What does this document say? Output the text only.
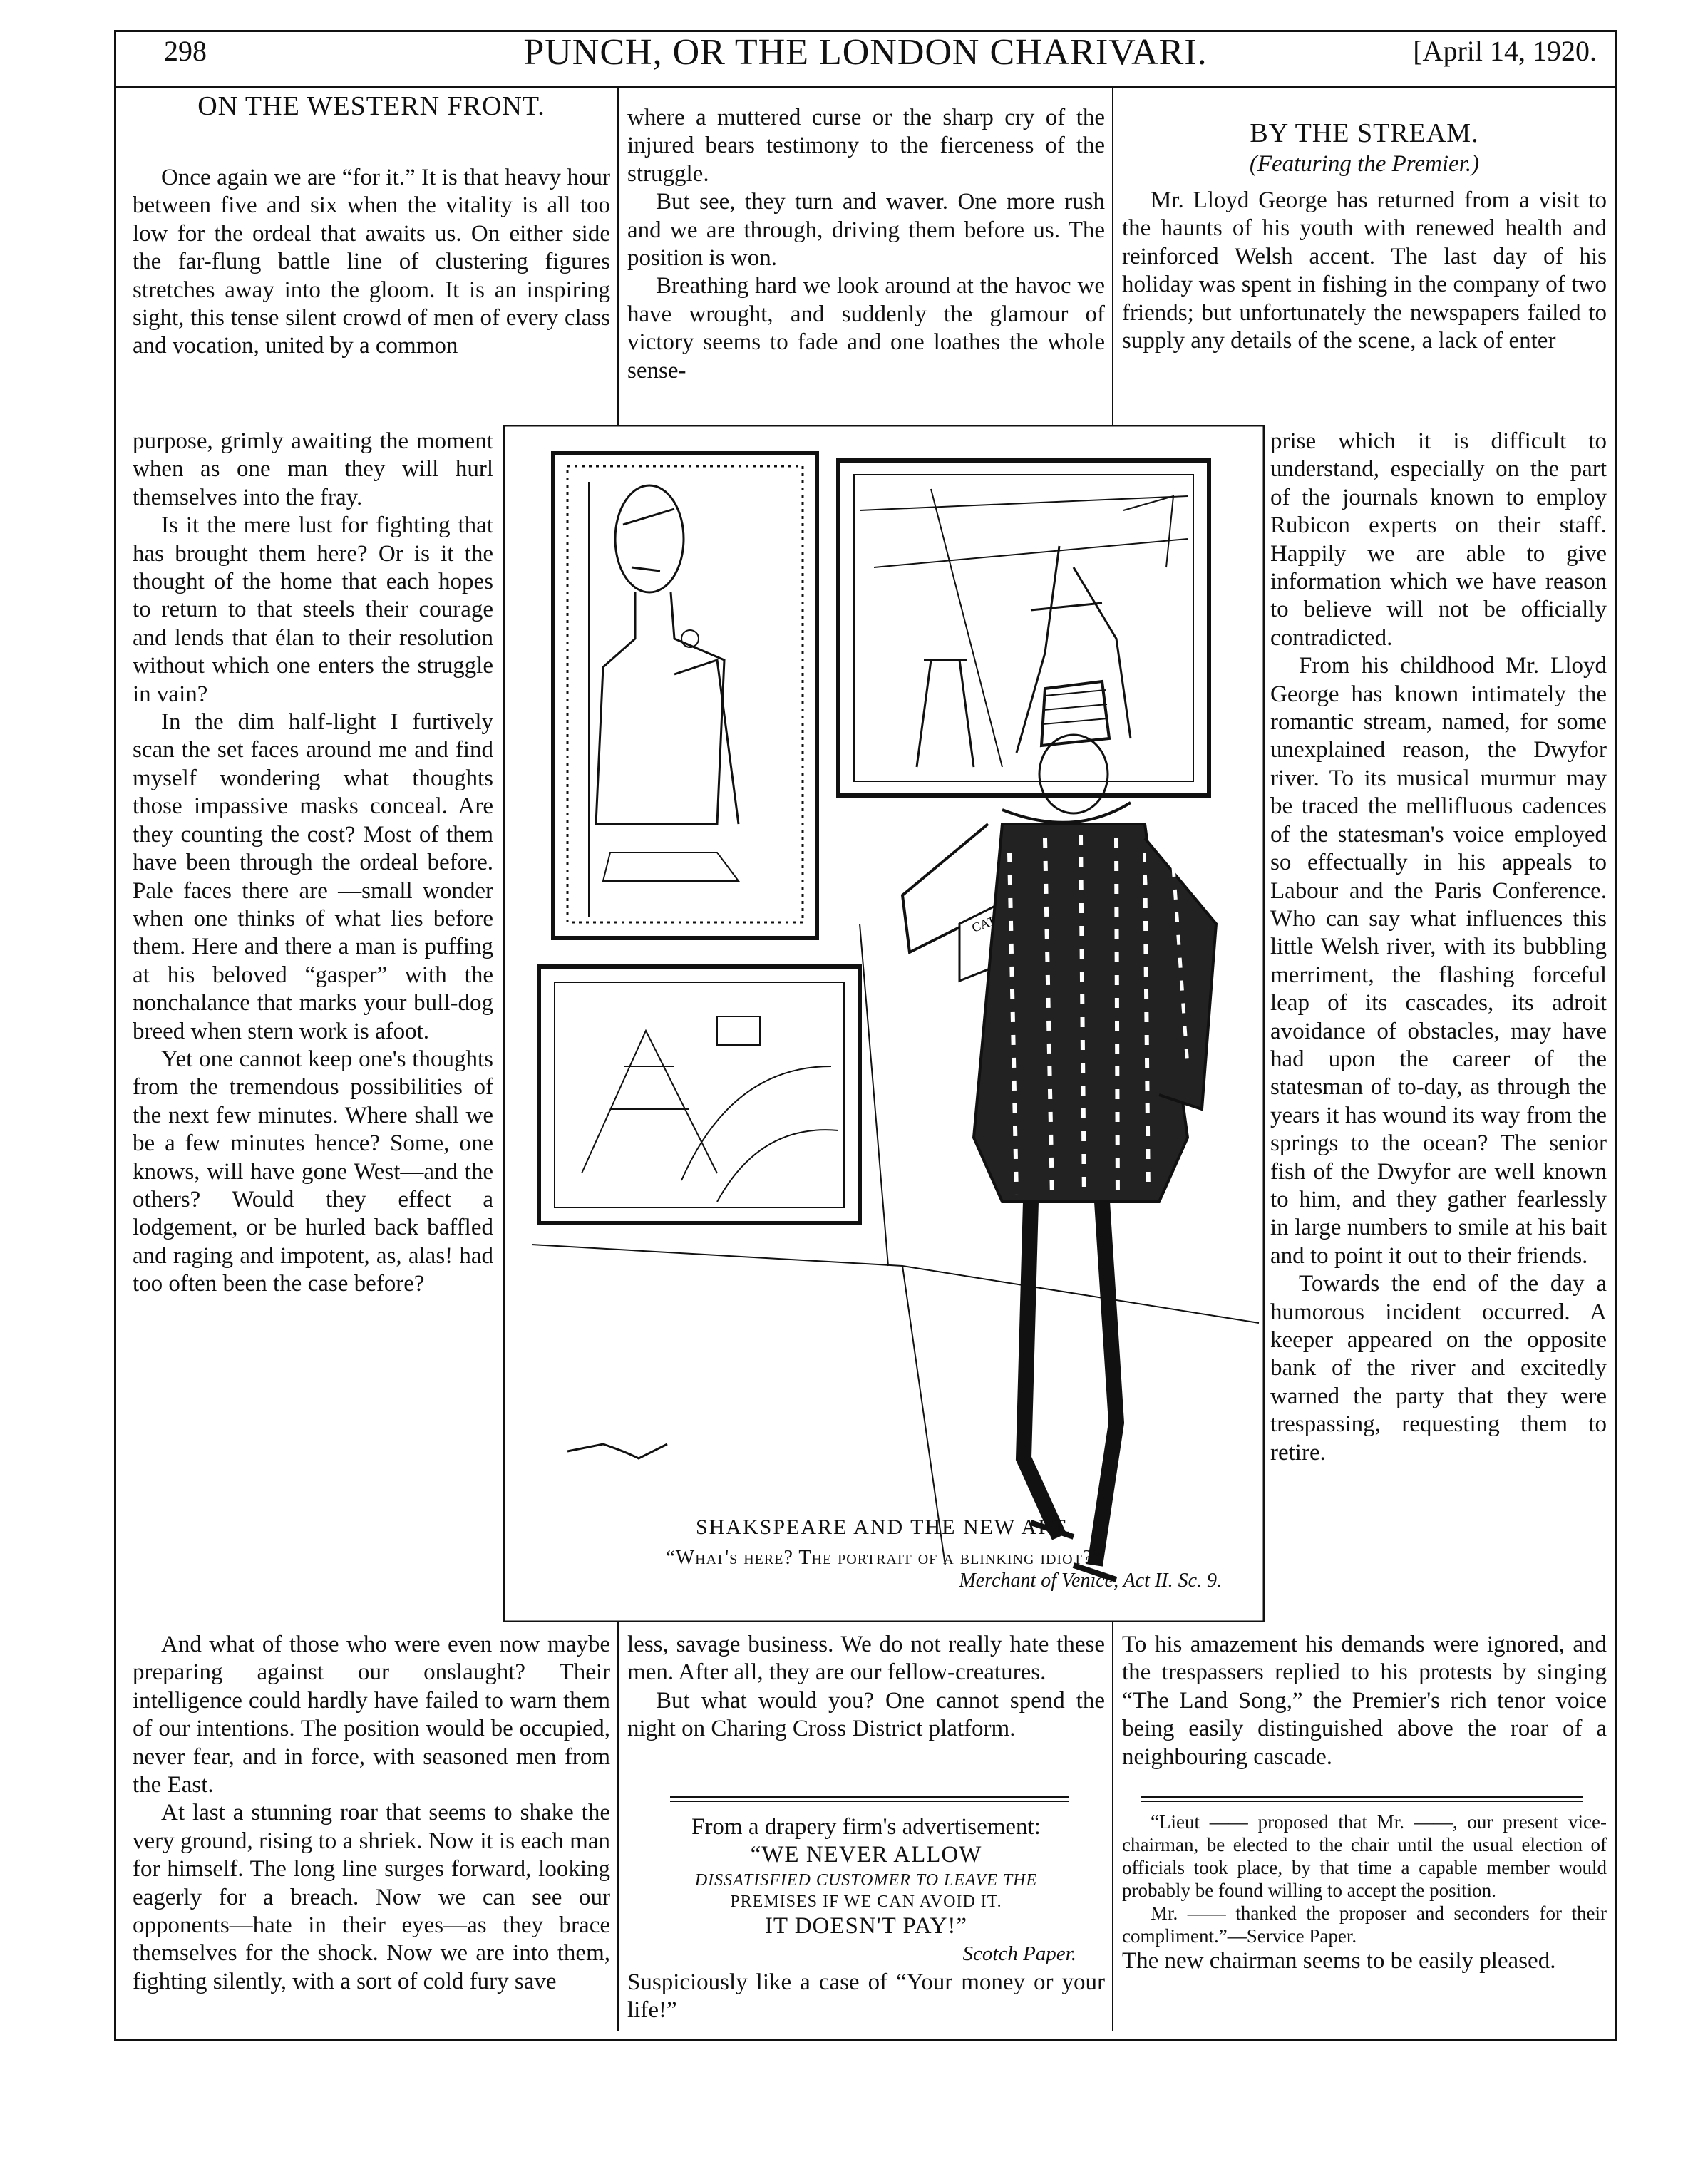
298	PUNCH, OR THE LONDON CHARIVARI.	[April 14, 1920.
ON THE WESTERN FRONT.

Once again we are “for it.” It is that heavy hour between five and six when the vitality is all too low for the ordeal that awaits us. On either side the far-flung battle line of clustering figures stretches away into the gloom. It is an inspiring sight, this tense silent crowd of men of every class and vocation, united by a common

purpose, grimly awaiting the moment when as one man they will hurl themselves into the fray.

Is it the mere lust for fighting that has brought them here? Or is it the thought of the home that each hopes to return to that steels their courage and lends that élan to their resolution without which one enters the struggle in vain?

In the dim half-light I furtively scan the set faces around me and find myself wondering what thoughts those impassive masks conceal. Are they counting the cost? Most of them have been through the ordeal before. Pale faces there are —small wonder when one thinks of what lies before them. Here and there a man is puffing at his beloved “gasper” with the nonchalance that marks your bull-dog breed when stern work is afoot.

Yet one cannot keep one's thoughts from the tremendous possibilities of the next few minutes. Where shall we be a few minutes hence? Some, one knows, will have gone West—and the others? Would they effect a lodgement, or be hurled back baffled and raging and impotent, as, alas! had too often been the case before?

And what of those who were even now maybe preparing against our onslaught? Their intelligence could hardly have failed to warn them of our intentions. The position would be occupied, never fear, and in force, with seasoned men from the East.

At last a stunning roar that seems to shake the very ground, rising to a shriek. Now it is each man for himself. The long line surges forward, looking eagerly for a breach. Now we can see our opponents—hate in their eyes—as they brace themselves for the shock. Now we are into them, fighting silently, with a sort of cold fury save

where a muttered curse or the sharp cry of the injured bears testimony to the fierceness of the struggle.

But see, they turn and waver. One more rush and we are through, driving them before us. The position is won.

Breathing hard we look around at the havoc we have wrought, and suddenly the glamour of victory seems to fade and one loathes the whole sense-

BY THE STREAM.
(Featuring the Premier.)

Mr. Lloyd George has returned from a visit to the haunts of his youth with renewed health and reinforced Welsh accent. The last day of his holiday was spent in fishing in the company of two friends; but unfortunately the newspapers failed to supply any details of the scene, a lack of enter

prise which it is difficult to understand, especially on the part of the journals known to employ Rubicon experts on their staff. Happily we are able to give information which we have reason to believe will not be officially contradicted.

From his childhood Mr. Lloyd George has known intimately the romantic stream, named, for some unexplained reason, the Dwyfor river. To its musical murmur may be traced the mellifluous cadences of the statesman's voice employed so effectually in his appeals to Labour and the Paris Conference. Who can say what influences this little Welsh river, with its bubbling merriment, the flashing forceful leap of its cascades, its adroit avoidance of obstacles, may have had upon the career of the statesman of to-day, as through the years it has wound its way from the springs to the ocean? The senior fish of the Dwyfor are well known to him, and they gather fearlessly in large numbers to smile at his bait and to point it out to their friends.

Towards the end of the day a humorous incident occurred. A keeper appeared on the opposite bank of the river and excitedly warned the party that they were trespassing, requesting them to retire.

SHAKSPEARE AND THE NEW ART.
“What's here? The portrait of a blinking idiot?”
Merchant of Venice, Act II. Sc. 9.

less, savage business. We do not really hate these men. After all, they are our fellow-creatures.

But what would you? One cannot spend the night on Charing Cross District platform.

From a drapery firm's advertisement:
“WE NEVER ALLOW
DISSATISFIED CUSTOMER TO LEAVE THE
PREMISES IF WE CAN AVOID IT.
IT DOESN'T PAY!”
Scotch Paper.

Suspiciously like a case of “Your money or your life!”

To his amazement his demands were ignored, and the trespassers replied to his protests by singing “The Land Song,” the Premier's rich tenor voice being easily distinguished above the roar of a neighbouring cascade.

“Lieut —— proposed that Mr. ——, our present vice-chairman, be elected to the chair until the usual election of officials took place, by that time a capable member would probably be found willing to accept the position.

Mr. —— thanked the proposer and seconders for their compliment.”—Service Paper.

The new chairman seems to be easily pleased.
